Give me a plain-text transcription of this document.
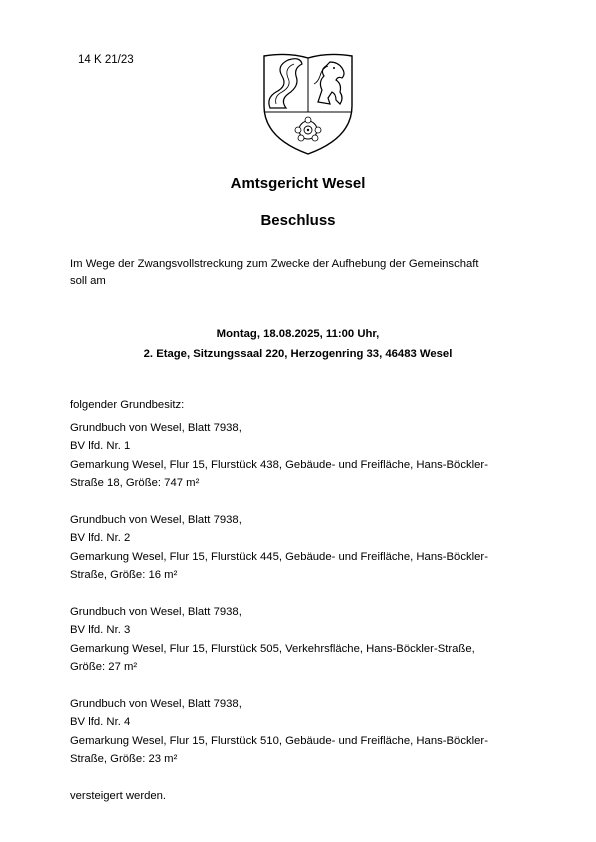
14 K 21/23
Amtsgericht Wesel
Beschluss
Im Wege der Zwangsvollstreckung zum Zwecke der Aufhebung der Gemeinschaft
soll am
Montag, 18.08.2025, 11:00 Uhr,
2. Etage, Sitzungssaal 220, Herzogenring 33, 46483 Wesel

folgender Grundbesitz:

Grundbuch von Wesel, Blatt 7938,
BV lfd. Nr. 1
Gemarkung Wesel, Flur 15, Flurstück 438, Gebäude- und Freifläche, Hans-Böckler-
Straße 18, Größe: 747 m²
Grundbuch von Wesel, Blatt 7938,
BV lfd. Nr. 2
Gemarkung Wesel, Flur 15, Flurstück 445, Gebäude- und Freifläche, Hans-Böckler-
Straße, Größe: 16 m²
Grundbuch von Wesel, Blatt 7938,
BV lfd. Nr. 3
Gemarkung Wesel, Flur 15, Flurstück 505, Verkehrsfläche, Hans-Böckler-Straße,
Größe: 27 m²
Grundbuch von Wesel, Blatt 7938,
BV lfd. Nr. 4
Gemarkung Wesel, Flur 15, Flurstück 510, Gebäude- und Freifläche, Hans-Böckler-
Straße, Größe: 23 m²

versteigert werden.
